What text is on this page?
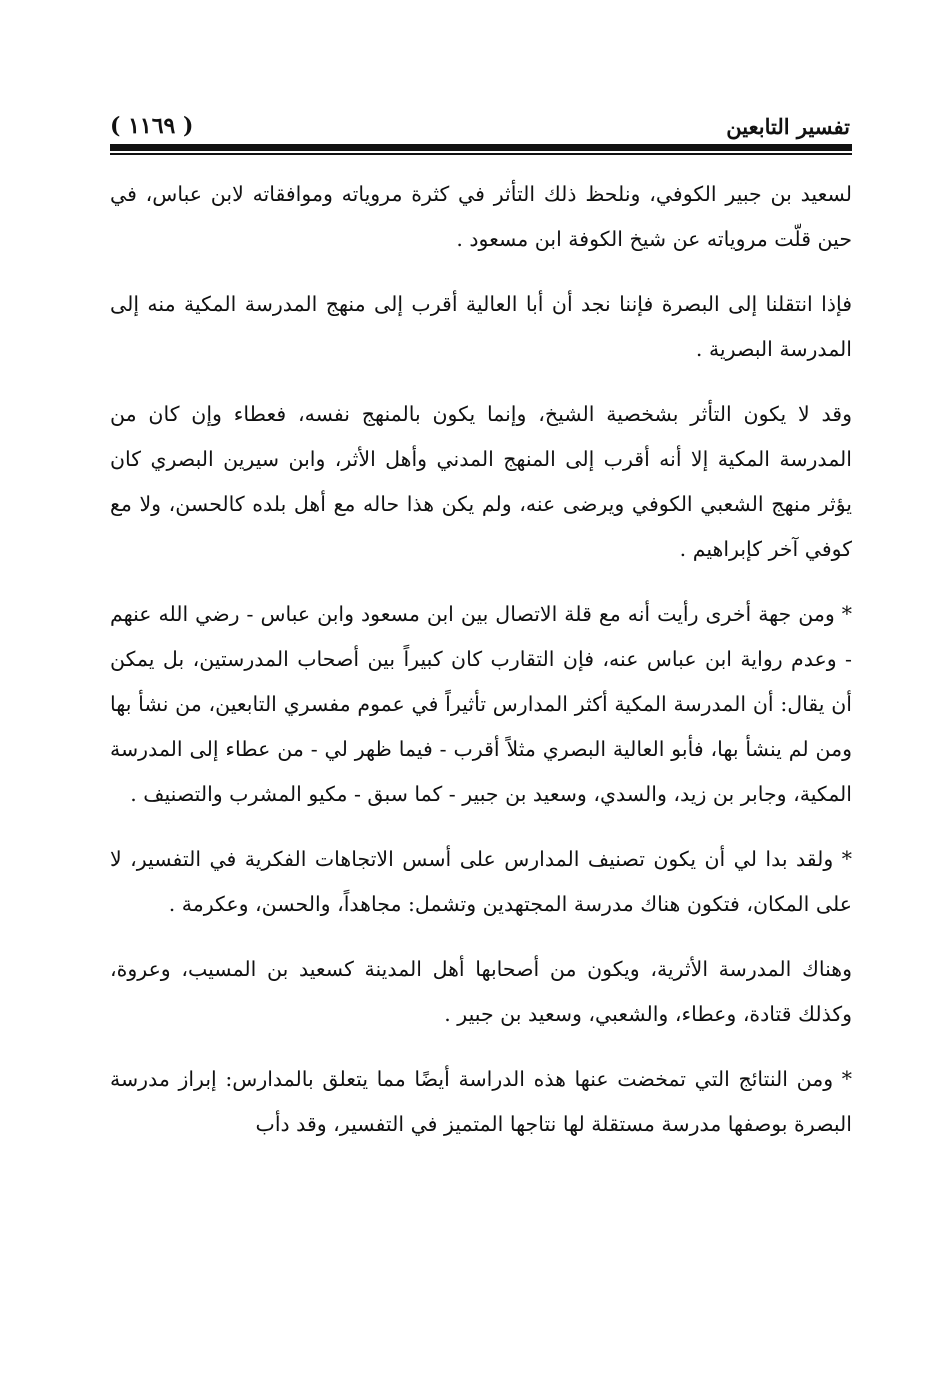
تفسير التابعين
( ١١٦٩ )

لسعيد بن جبير الكوفي، ونلحظ ذلك التأثر في كثرة مروياته وموافقاته لابن عباس، في حين قلّت مروياته عن شيخ الكوفة ابن مسعود .

فإذا انتقلنا إلى البصرة فإننا نجد أن أبا العالية أقرب إلى منهج المدرسة المكية منه إلى المدرسة البصرية .

وقد لا يكون التأثر بشخصية الشيخ، وإنما يكون بالمنهج نفسه، فعطاء وإن كان من المدرسة المكية إلا أنه أقرب إلى المنهج المدني وأهل الأثر، وابن سيرين البصري كان يؤثر منهج الشعبي الكوفي ويرضى عنه، ولم يكن هذا حاله مع أهل بلده كالحسن، ولا مع كوفي آخر كإبراهيم .

* ومن جهة أخرى رأيت أنه مع قلة الاتصال بين ابن مسعود وابن عباس - رضي الله عنهم - وعدم رواية ابن عباس عنه، فإن التقارب كان كبيراً بين أصحاب المدرستين، بل يمكن أن يقال: أن المدرسة المكية أكثر المدارس تأثيراً في عموم مفسري التابعين، من نشأ بها ومن لم ينشأ بها، فأبو العالية البصري مثلاً أقرب - فيما ظهر لي - من عطاء إلى المدرسة المكية، وجابر بن زيد، والسدي، وسعيد بن جبير - كما سبق - مكيو المشرب والتصنيف .

* ولقد بدا لي أن يكون تصنيف المدارس على أسس الاتجاهات الفكرية في التفسير، لا على المكان، فتكون هناك مدرسة المجتهدين وتشمل: مجاهداً، والحسن، وعكرمة .

وهناك المدرسة الأثرية، ويكون من أصحابها أهل المدينة كسعيد بن المسيب، وعروة، وكذلك قتادة، وعطاء، والشعبي، وسعيد بن جبير .

* ومن النتائج التي تمخضت عنها هذه الدراسة أيضًا مما يتعلق بالمدارس: إبراز مدرسة البصرة بوصفها مدرسة مستقلة لها نتاجها المتميز في التفسير، وقد دأب
